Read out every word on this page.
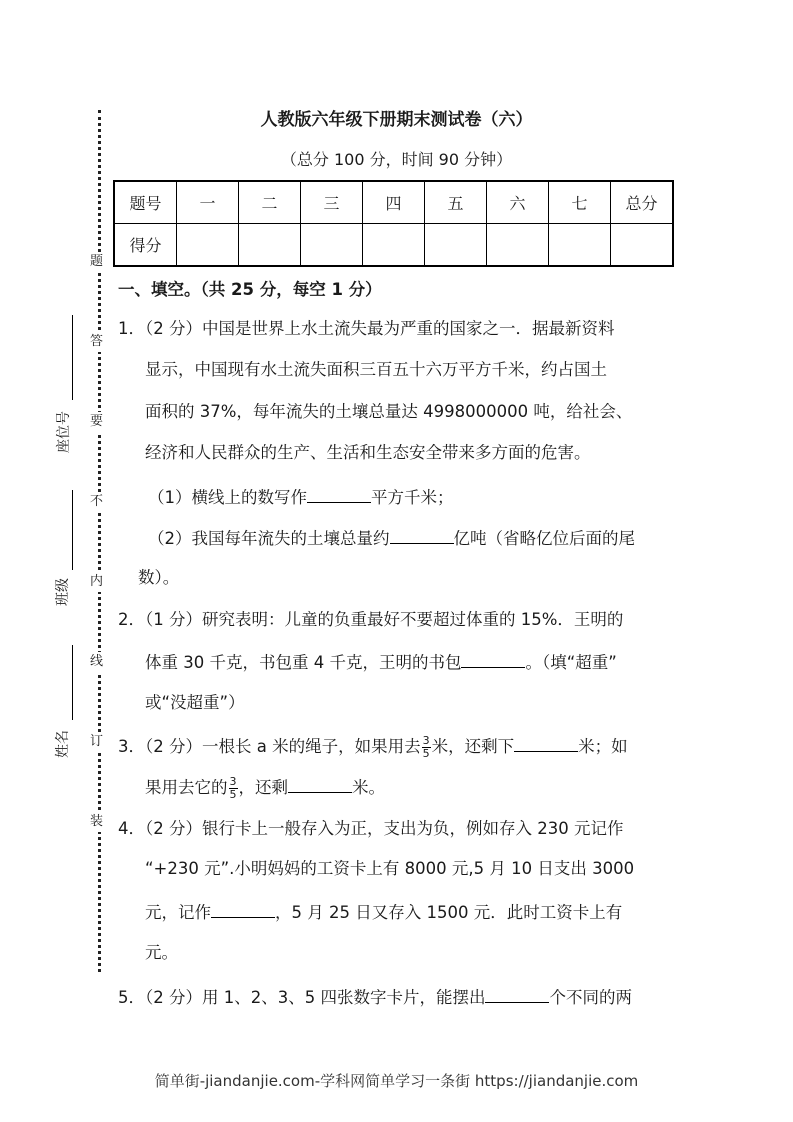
人教版六年级下册期末测试卷（六）
（总分 100 分，时间 90 分钟）
题号	一	二	三	四	五	六	七	总分
得分								
题
答
要
不
内
线
订
装
座位号
班级
姓名
一、填空。（共 25 分，每空 1 分）
1．（2 分）中国是世界上水土流失最为严重的国家之一．据最新资料
显示，中国现有水土流失面积三百五十六万平方千米，约占国土
面积的 37%，每年流失的土壤总量达 4998000000 吨，给社会、
经济和人民群众的生产、生活和生态安全带来多方面的危害。
（1）横线上的数写作	平方千米；
（2）我国每年流失的土壤总量约	亿吨（省略亿位后面的尾
数）。
2．（1 分）研究表明：儿童的负重最好不要超过体重的 15%．王明的
体重 30 千克，书包重 4 千克，王明的书包	。（填“超重”
或“没超重”）
3．（2 分）一根长 a 米的绳子，如果用去 $\frac{3}{5}$ 米，还剩下	米；如
果用去它的 $\frac{3}{5}$ ，还剩	米。
4．（2 分）银行卡上一般存入为正，支出为负，例如存入 230 元记作
“+230 元”.小明妈妈的工资卡上有 8000 元,5 月 10 日支出 3000
元，记作	，5 月 25 日又存入 1500 元．此时工资卡上有
元。
5．（2 分）用 1、2、3、5 四张数字卡片，能摆出	个不同的两
简单街-jiandanjie.com-学科网简单学习一条街 https://jiandanjie.com
